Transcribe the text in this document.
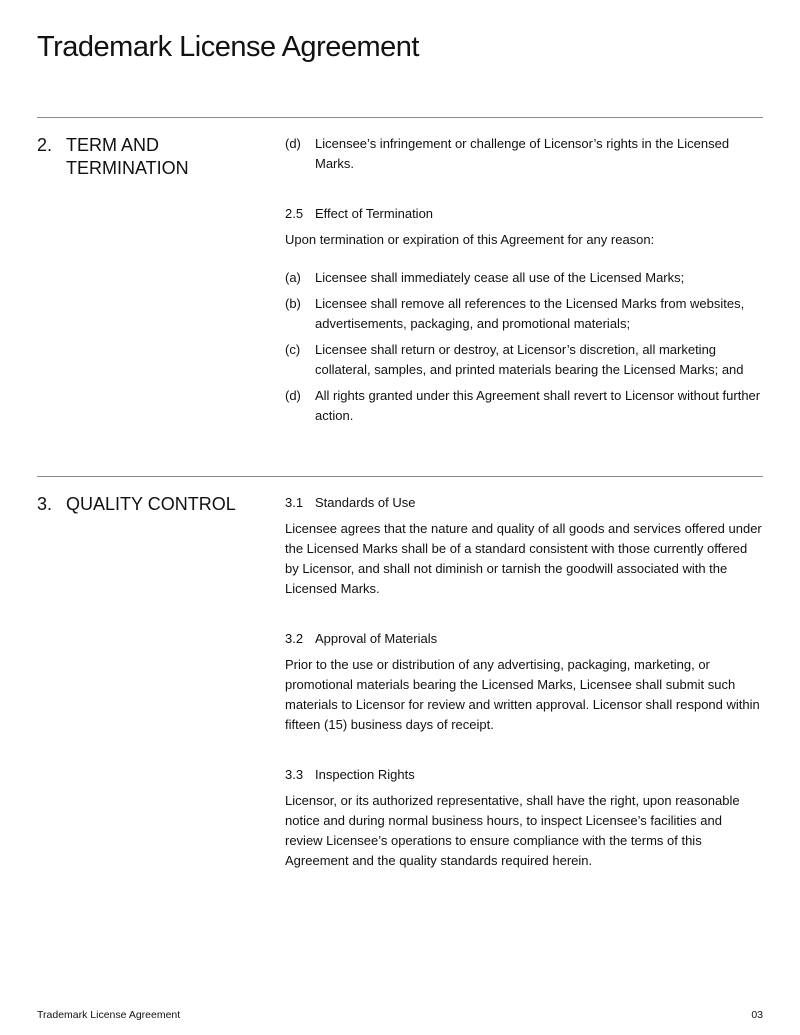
Trademark License Agreement
2. TERM AND TERMINATION
(d) Licensee’s infringement or challenge of Licensor’s rights in the Licensed Marks.
2.5 Effect of Termination

Upon termination or expiration of this Agreement for any reason:

(a) Licensee shall immediately cease all use of the Licensed Marks;
(b) Licensee shall remove all references to the Licensed Marks from websites, advertisements, packaging, and promotional materials;
(c) Licensee shall return or destroy, at Licensor’s discretion, all marketing collateral, samples, and printed materials bearing the Licensed Marks; and
(d) All rights granted under this Agreement shall revert to Licensor without further action.
3. QUALITY CONTROL	3.1 Standards of Use

Licensee agrees that the nature and quality of all goods and services offered under the Licensed Marks shall be of a standard consistent with those currently offered by Licensor, and shall not diminish or tarnish the goodwill associated with the Licensed Marks.

3.2 Approval of Materials

Prior to the use or distribution of any advertising, packaging, marketing, or promotional materials bearing the Licensed Marks, Licensee shall submit such materials to Licensor for review and written approval. Licensor shall respond within fifteen (15) business days of receipt.

3.3 Inspection Rights

Licensor, or its authorized representative, shall have the right, upon reasonable notice and during normal business hours, to inspect Licensee’s facilities and review Licensee’s operations to ensure compliance with the terms of this Agreement and the quality standards required herein.

Trademark License Agreement	03
